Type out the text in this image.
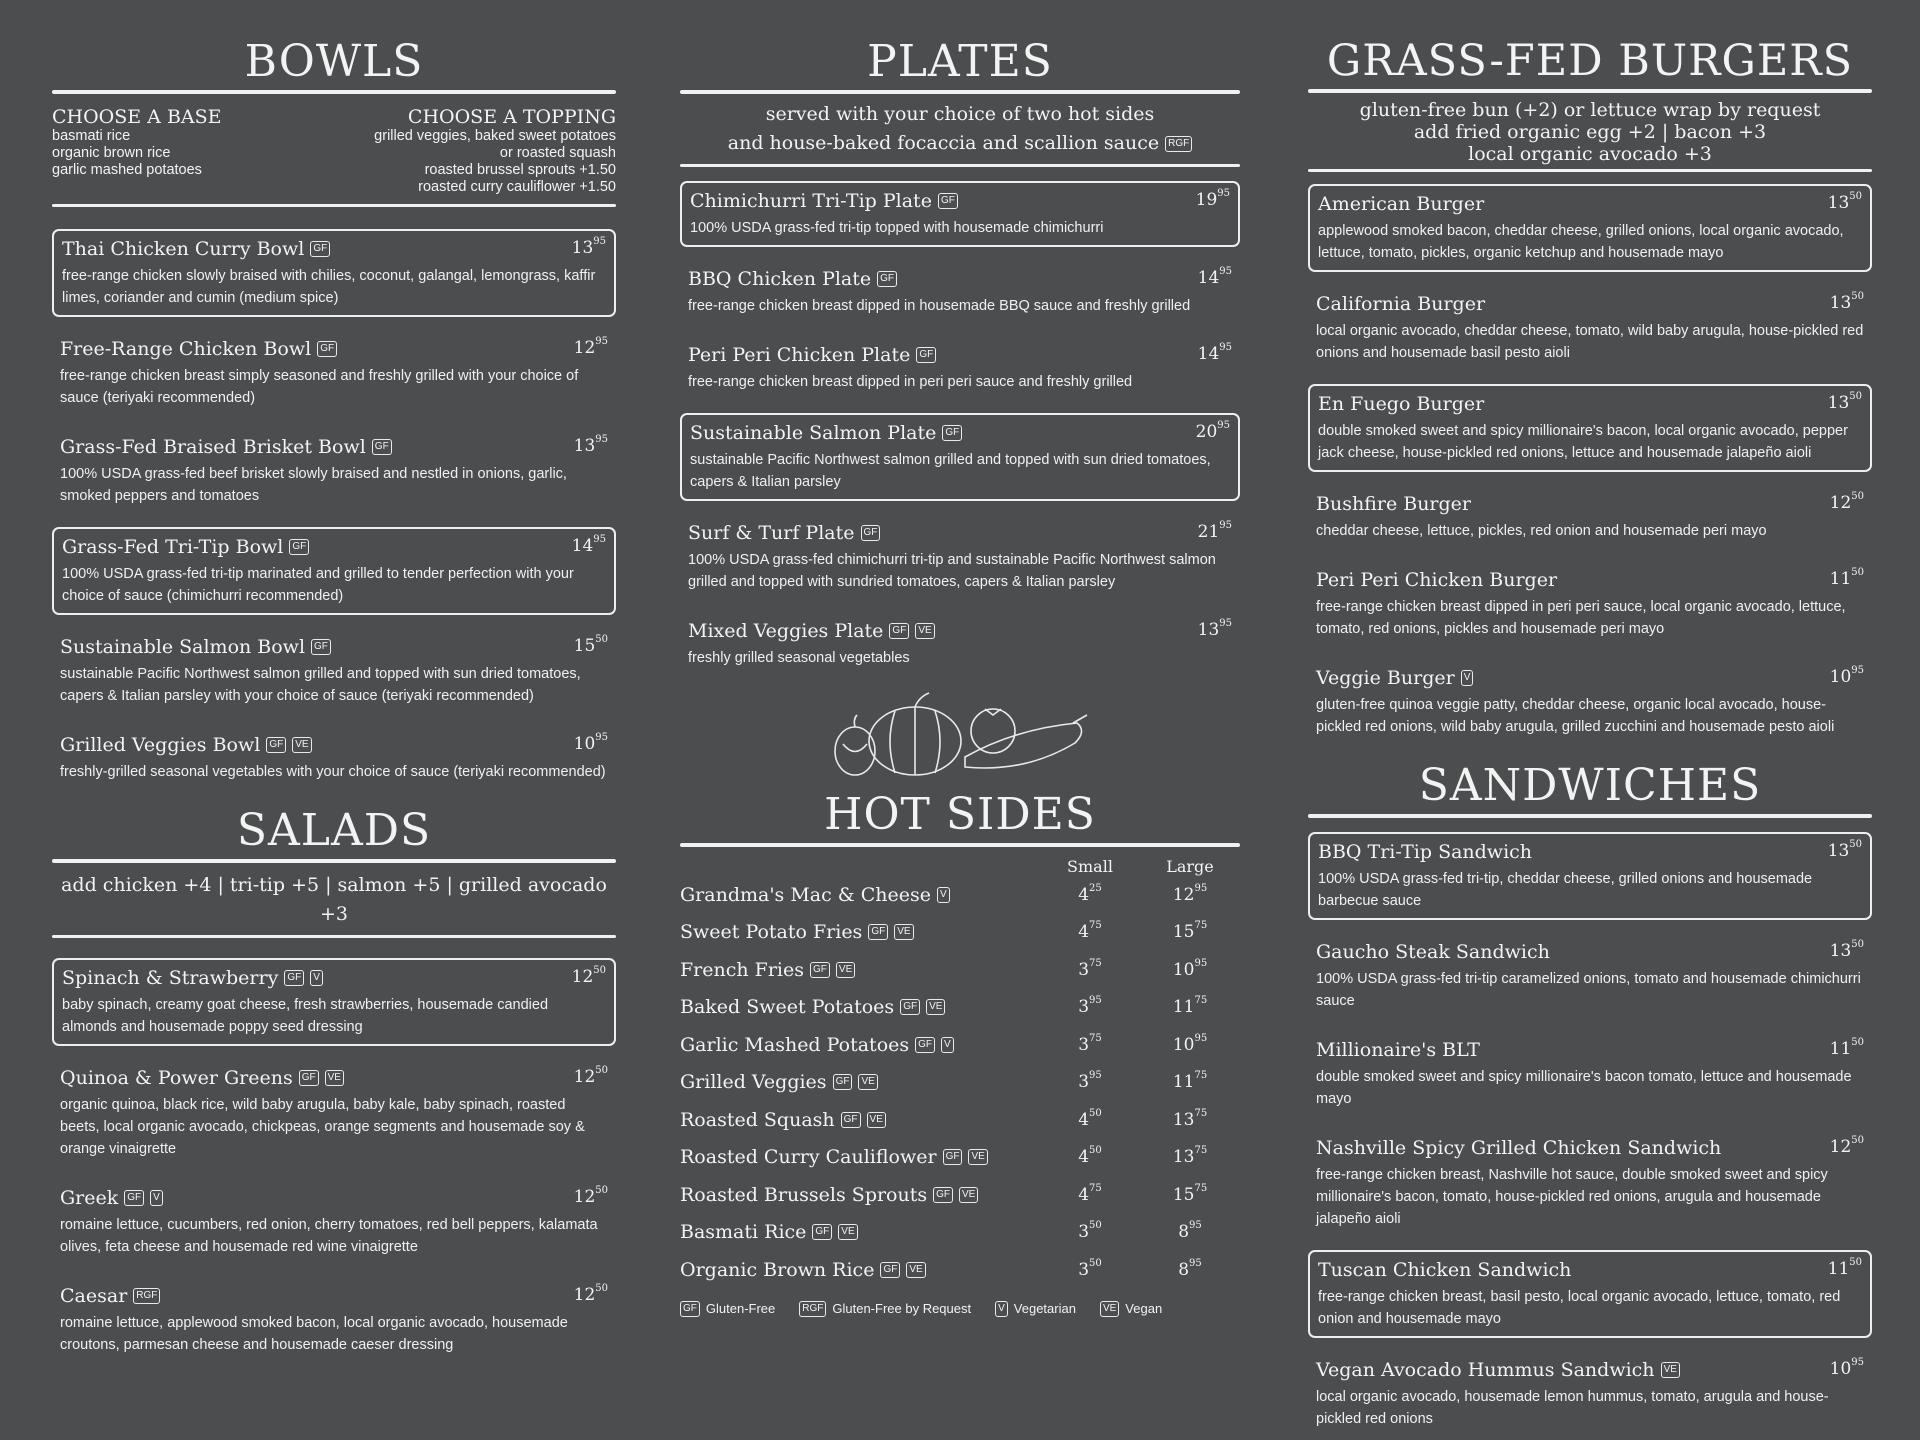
BOWLS
CHOOSE A BASE
basmati rice
organic brown rice
garlic mashed potatoes
CHOOSE A TOPPING
grilled veggies, baked sweet potatoes
or roasted squash
roasted brussel sprouts +1.50
roasted curry cauliflower +1.50
Thai Chicken Curry Bowl GF	$13^{95}$
free-range chicken slowly braised with chilies, coconut, galangal, lemongrass, kaffir limes, coriander and cumin (medium spice)
Free-Range Chicken Bowl GF	$12^{95}$
free-range chicken breast simply seasoned and freshly grilled with your choice of sauce (teriyaki recommended)
Grass-Fed Braised Brisket Bowl GF	$13^{95}$
100% USDA grass-fed beef brisket slowly braised and nestled in onions, garlic, smoked peppers and tomatoes
Grass-Fed Tri-Tip Bowl GF	$14^{95}$
100% USDA grass-fed tri-tip marinated and grilled to tender perfection with your choice of sauce (chimichurri recommended)
Sustainable Salmon Bowl GF	$15^{50}$
sustainable Pacific Northwest salmon grilled and topped with sun dried tomatoes, capers & Italian parsley with your choice of sauce (teriyaki recommended)
Grilled Veggies Bowl GF	VE	$10^{95}$
freshly-grilled seasonal vegetables with your choice of sauce (teriyaki recommended)
SALADS
add chicken +4 | tri-tip +5 | salmon +5 | grilled avocado +3
Spinach & Strawberry GF	V	$12^{50}$
baby spinach, creamy goat cheese, fresh strawberries, housemade candied almonds and housemade poppy seed dressing
Quinoa & Power Greens GF	VE	$12^{50}$
organic quinoa, black rice, wild baby arugula, baby kale, baby spinach, roasted beets, local organic avocado, chickpeas, orange segments and housemade soy & orange vinaigrette
Greek GF	V	$12^{50}$
romaine lettuce, cucumbers, red onion, cherry tomatoes, red bell peppers, kalamata olives, feta cheese and housemade red wine vinaigrette
Caesar RGF	$12^{50}$
romaine lettuce, applewood smoked bacon, local organic avocado, housemade croutons, parmesan cheese and housemade caeser dressing
PLATES
served with your choice of two hot sides
and house-baked focaccia and scallion sauce RGF
Chimichurri Tri-Tip Plate GF	$19^{95}$
100% USDA grass-fed tri-tip topped with housemade chimichurri
BBQ Chicken Plate GF	$14^{95}$
free-range chicken breast dipped in housemade BBQ sauce and freshly grilled
Peri Peri Chicken Plate GF	$14^{95}$
free-range chicken breast dipped in peri peri sauce and freshly grilled
Sustainable Salmon Plate GF	$20^{95}$
sustainable Pacific Northwest salmon grilled and topped with sun dried tomatoes, capers & Italian parsley
Surf & Turf Plate GF	$21^{95}$
100% USDA grass-fed chimichurri tri-tip and sustainable Pacific Northwest salmon grilled and topped with sundried tomatoes, capers & Italian parsley
Mixed Veggies Plate GF	VE	$13^{95}$
freshly grilled seasonal vegetables
HOT SIDES
Small	Large
Grandma's Mac & Cheese V	$4^{25}$	$12^{95}$
Sweet Potato Fries GF	VE	$4^{75}$	$15^{75}$
French Fries GF	VE	$3^{75}$	$10^{95}$
Baked Sweet Potatoes GF	VE	$3^{95}$	$11^{75}$
Garlic Mashed Potatoes GF	V	$3^{75}$	$10^{95}$
Grilled Veggies GF	VE	$3^{95}$	$11^{75}$
Roasted Squash GF	VE	$4^{50}$	$13^{75}$
Roasted Curry Cauliflower GF	VE	$4^{50}$	$13^{75}$
Roasted Brussels Sprouts GF	VE	$4^{75}$	$15^{75}$
Basmati Rice GF	VE	$3^{50}$	$8^{95}$
Organic Brown Rice GF	VE	$3^{50}$	$8^{95}$
GF Gluten-Free	RGF Gluten-Free by Request	V Vegetarian	VE Vegan
GRASS-FED BURGERS
gluten-free bun (+2) or lettuce wrap by request
add fried organic egg +2 | bacon +3
local organic avocado +3
American Burger	$13^{50}$
applewood smoked bacon, cheddar cheese, grilled onions, local organic avocado, lettuce, tomato, pickles, organic ketchup and housemade mayo
California Burger	$13^{50}$
local organic avocado, cheddar cheese, tomato, wild baby arugula, house-pickled red onions and housemade basil pesto aioli
En Fuego Burger	$13^{50}$
double smoked sweet and spicy millionaire's bacon, local organic avocado, pepper jack cheese, house-pickled red onions, lettuce and housemade jalapeño aioli
Bushfire Burger	$12^{50}$
cheddar cheese, lettuce, pickles, red onion and housemade peri mayo
Peri Peri Chicken Burger	$11^{50}$
free-range chicken breast dipped in peri peri sauce, local organic avocado, lettuce, tomato, red onions, pickles and housemade peri mayo
Veggie Burger V	$10^{95}$
gluten-free quinoa veggie patty, cheddar cheese, organic local avocado, house-pickled red onions, wild baby arugula, grilled zucchini and housemade pesto aioli
SANDWICHES
BBQ Tri-Tip Sandwich	$13^{50}$
100% USDA grass-fed tri-tip, cheddar cheese, grilled onions and housemade barbecue sauce
Gaucho Steak Sandwich	$13^{50}$
100% USDA grass-fed tri-tip caramelized onions, tomato and housemade chimichurri sauce
Millionaire's BLT	$11^{50}$
double smoked sweet and spicy millionaire's bacon tomato, lettuce and housemade mayo
Nashville Spicy Grilled Chicken Sandwich	$12^{50}$
free-range chicken breast, Nashville hot sauce, double smoked sweet and spicy millionaire's bacon, tomato, house-pickled red onions, arugula and housemade jalapeño aioli
Tuscan Chicken Sandwich	$11^{50}$
free-range chicken breast, basil pesto, local organic avocado, lettuce, tomato, red onion and housemade mayo
Vegan Avocado Hummus Sandwich VE	$10^{95}$
local organic avocado, housemade lemon hummus, tomato, arugula and house-pickled red onions
